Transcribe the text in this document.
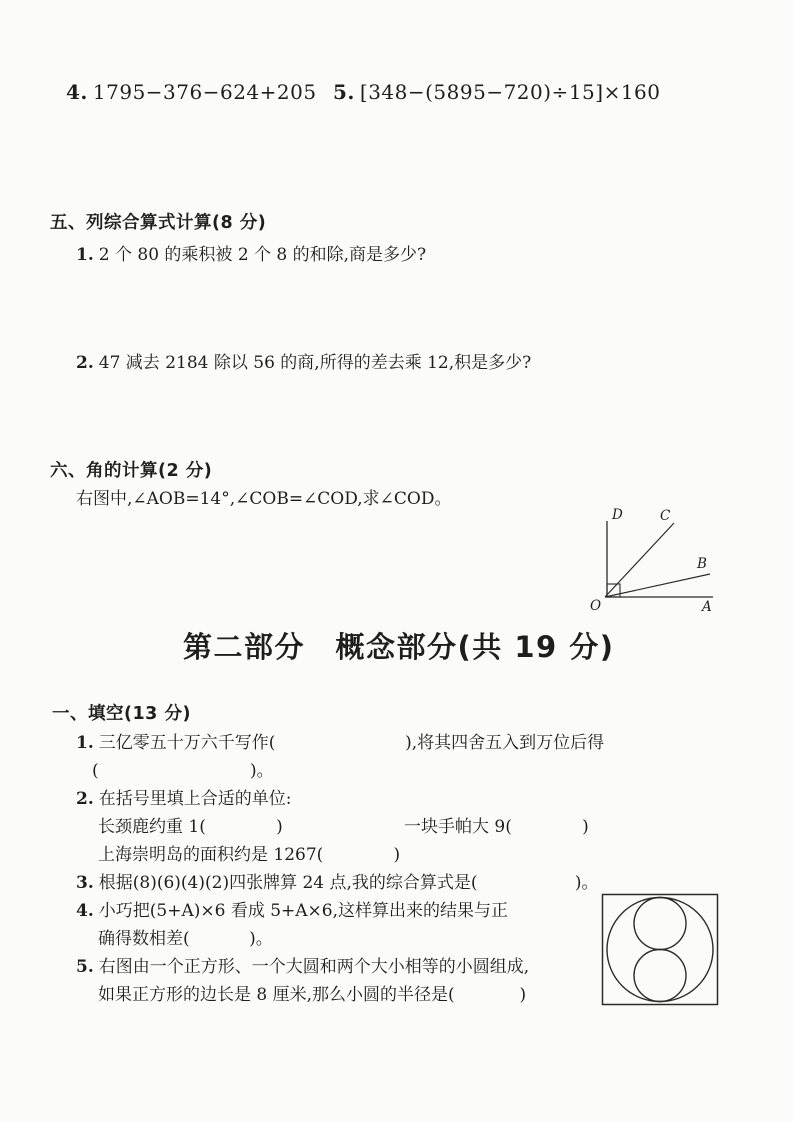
4. 1795−376−624+205 5. [348−(5895−720)÷15]×160
五、列综合算式计算(8 分)
1. 2 个 80 的乘积被 2 个 8 的和除,商是多少?
2. 47 减去 2184 除以 56 的商,所得的差去乘 12,积是多少?
六、角的计算(2 分)
右图中,∠AOB=14°,∠COB=∠COD,求∠COD。
O	A
B
C
D
第二部分　概念部分(共 19 分)
一、填空(13 分)
1. 三亿零五十万六千写作(                        ),将其四舍五入到万位后得
(                            )。
2. 在括号里填上合适的单位:
长颈鹿约重 1(             )	一块手帕大 9(             )
上海崇明岛的面积约是 1267(             )
3. 根据(8)(6)(4)(2)四张牌算 24 点,我的综合算式是(                  )。
4. 小巧把(5+A)×6 看成 5+A×6,这样算出来的结果与正
确得数相差(           )。
5. 右图由一个正方形、一个大圆和两个大小相等的小圆组成,
如果正方形的边长是 8 厘米,那么小圆的半径是(            )
